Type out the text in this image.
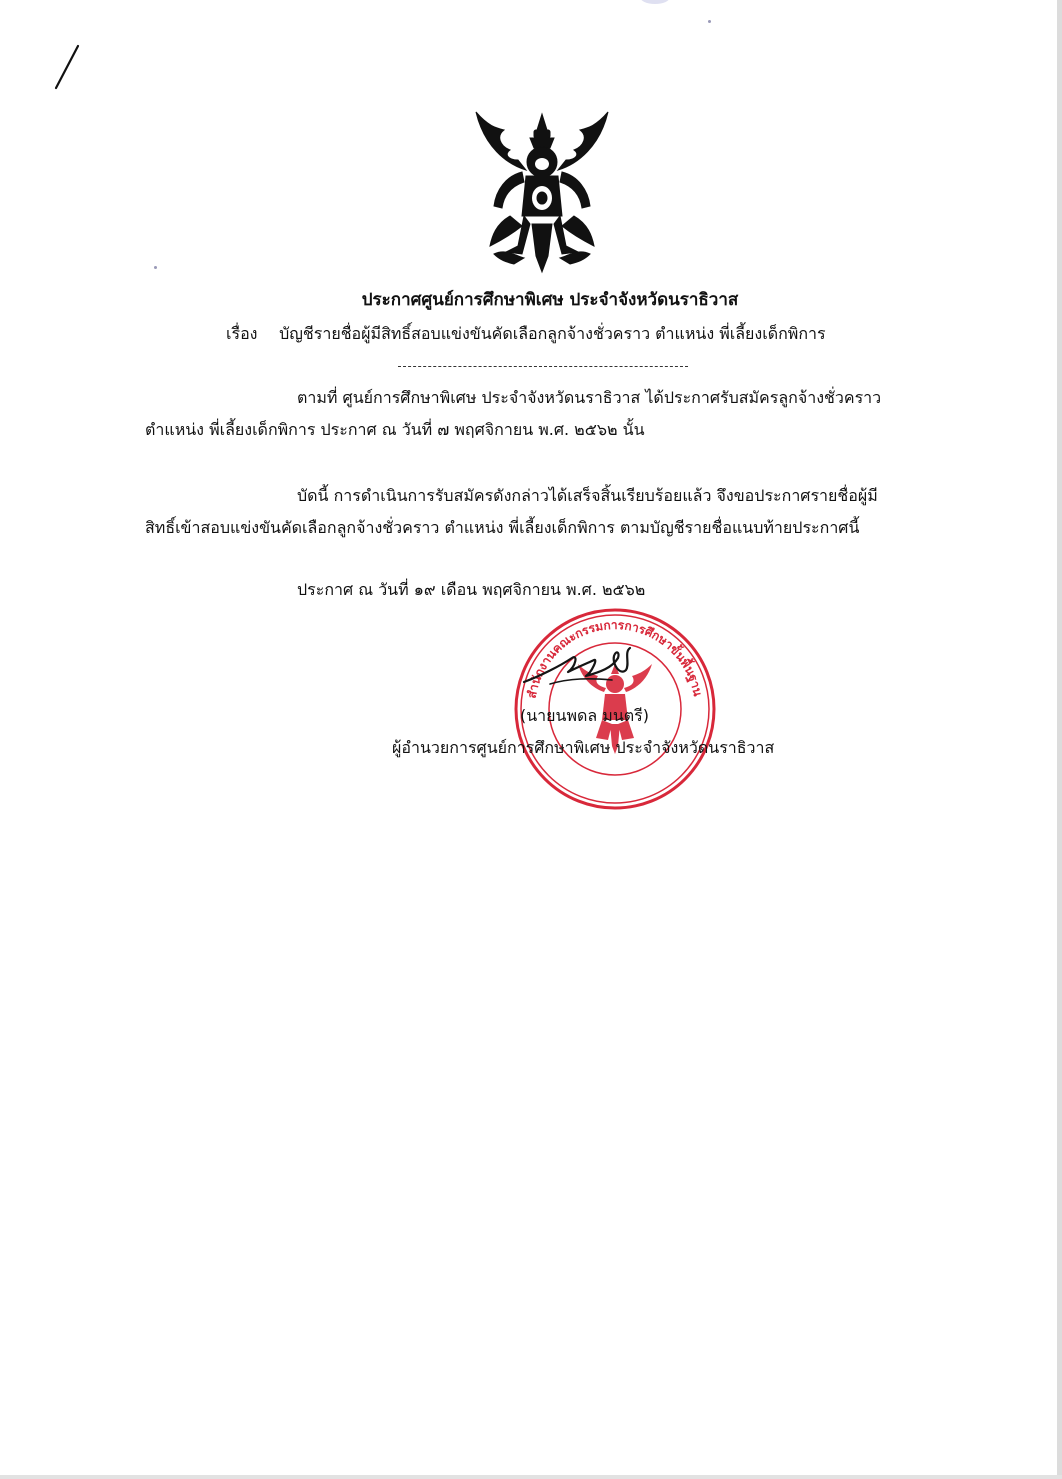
ประกาศศูนย์การศึกษาพิเศษ ประจำจังหวัดนราธิวาส
เรื่อง บัญชีรายชื่อผู้มีสิทธิ์สอบแข่งขันคัดเลือกลูกจ้างชั่วคราว ตำแหน่ง พี่เลี้ยงเด็กพิการ
ตามที่ ศูนย์การศึกษาพิเศษ ประจำจังหวัดนราธิวาส ได้ประกาศรับสมัครลูกจ้างชั่วคราว
ตำแหน่ง พี่เลี้ยงเด็กพิการ ประกาศ ณ วันที่ ๗ พฤศจิกายน พ.ศ. ๒๕๖๒ นั้น
บัดนี้ การดำเนินการรับสมัครดังกล่าวได้เสร็จสิ้นเรียบร้อยแล้ว จึงขอประกาศรายชื่อผู้มี
สิทธิ์เข้าสอบแข่งขันคัดเลือกลูกจ้างชั่วคราว ตำแหน่ง พี่เลี้ยงเด็กพิการ ตามบัญชีรายชื่อแนบท้ายประกาศนี้
ประกาศ ณ วันที่ ๑๙ เดือน พฤศจิกายน พ.ศ. ๒๕๖๒
สำนักงานคณะกรรมการการศึกษาขั้นพื้นฐาน
(นายนพดล มนตรี)
ผู้อำนวยการศูนย์การศึกษาพิเศษ ประจำจังหวัดนราธิวาส
